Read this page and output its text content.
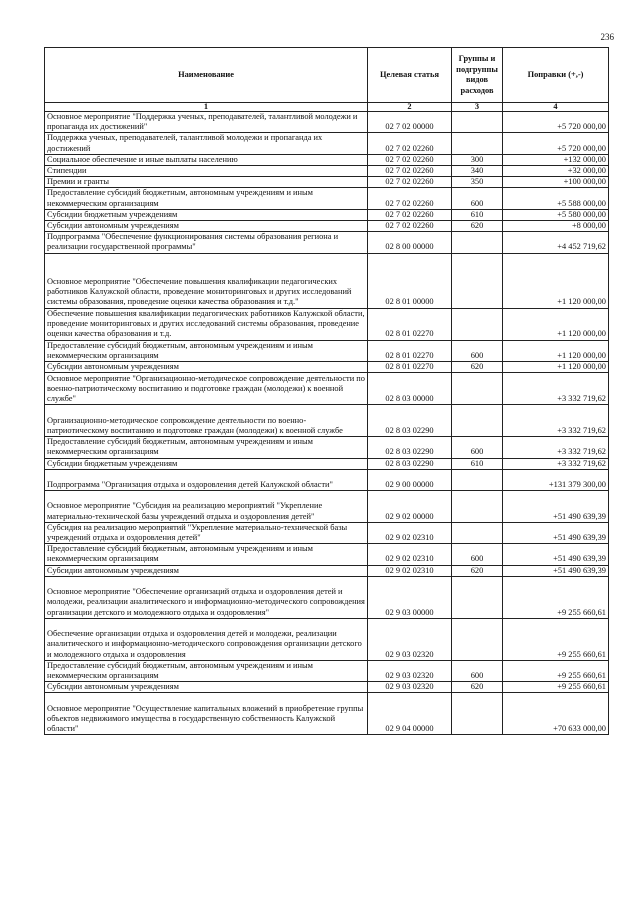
236
Наименование	Целевая статья	Группы и подгруппы видов расходов	Поправки (+,-)
1	2	3	4
Основное мероприятие "Поддержка ученых, преподавателей, талантливой молодежи и пропаганда их достижений"	02 7 02 00000		+5 720 000,00
Поддержка ученых, преподавателей, талантливой молодежи и пропаганда их достижений	02 7 02 02260		+5 720 000,00
Социальное обеспечение и иные выплаты населению	02 7 02 02260	300	+132 000,00
Стипендии	02 7 02 02260	340	+32 000,00
Премии и гранты	02 7 02 02260	350	+100 000,00
Предоставление субсидий бюджетным, автономным учреждениям и иным некоммерческим организациям	02 7 02 02260	600	+5 588 000,00
Субсидии бюджетным учреждениям	02 7 02 02260	610	+5 580 000,00
Субсидии автономным учреждениям	02 7 02 02260	620	+8 000,00
Подпрограмма "Обеспечение функционирования системы образования региона и реализации государственной программы"	02 8 00 00000		+4 452 719,62
Основное мероприятие "Обеспечение повышения квалификации педагогических работников Калужской области, проведение мониторинговых и других исследований системы образования, проведение оценки качества образования и т.д."	02 8 01 00000		+1 120 000,00
Обеспечение повышения квалификации педагогических работников Калужской области, проведение мониторинговых и других исследований системы образования, проведение оценки качества образования и т.д.	02 8 01 02270		+1 120 000,00
Предоставление субсидий бюджетным, автономным учреждениям и иным некоммерческим организациям	02 8 01 02270	600	+1 120 000,00
Субсидии автономным учреждениям	02 8 01 02270	620	+1 120 000,00
Основное мероприятие "Организационно-методическое сопровождение деятельности по военно-патриотическому воспитанию и подготовке граждан (молодежи) к военной службе"	02 8 03 00000		+3 332 719,62
Организационно-методическое сопровождение деятельности по военно-патриотическому воспитанию и подготовке граждан (молодежи) к военной службе	02 8 03 02290		+3 332 719,62
Предоставление субсидий бюджетным, автономным учреждениям и иным некоммерческим организациям	02 8 03 02290	600	+3 332 719,62
Субсидии бюджетным учреждениям	02 8 03 02290	610	+3 332 719,62
Подпрограмма "Организация отдыха и оздоровления детей Калужской области"	02 9 00 00000		+131 379 300,00
Основное мероприятие "Субсидия на реализацию мероприятий "Укрепление материально-технической базы учреждений отдыха и оздоровления детей"	02 9 02 00000		+51 490 639,39
Субсидия на реализацию мероприятий "Укрепление материально-технической базы учреждений отдыха и оздоровления детей"	02 9 02 02310		+51 490 639,39
Предоставление субсидий бюджетным, автономным учреждениям и иным некоммерческим организациям	02 9 02 02310	600	+51 490 639,39
Субсидии автономным учреждениям	02 9 02 02310	620	+51 490 639,39
Основное мероприятие "Обеспечение организаций отдыха и оздоровления детей и молодежи, реализации аналитического и информационно-методического сопровождения организации детского и молодежного отдыха и оздоровления"	02 9 03 00000		+9 255 660,61
Обеспечение организации отдыха и оздоровления детей и молодежи, реализации аналитического и информационно-методического сопровождения организации детского и молодежного отдыха и оздоровления	02 9 03 02320		+9 255 660,61
Предоставление субсидий бюджетным, автономным учреждениям и иным некоммерческим организациям	02 9 03 02320	600	+9 255 660,61
Субсидии автономным учреждениям	02 9 03 02320	620	+9 255 660,61
Основное мероприятие "Осуществление капитальных вложений в приобретение группы объектов недвижимого имущества в государственную собственность Калужской области"	02 9 04 00000		+70 633 000,00
